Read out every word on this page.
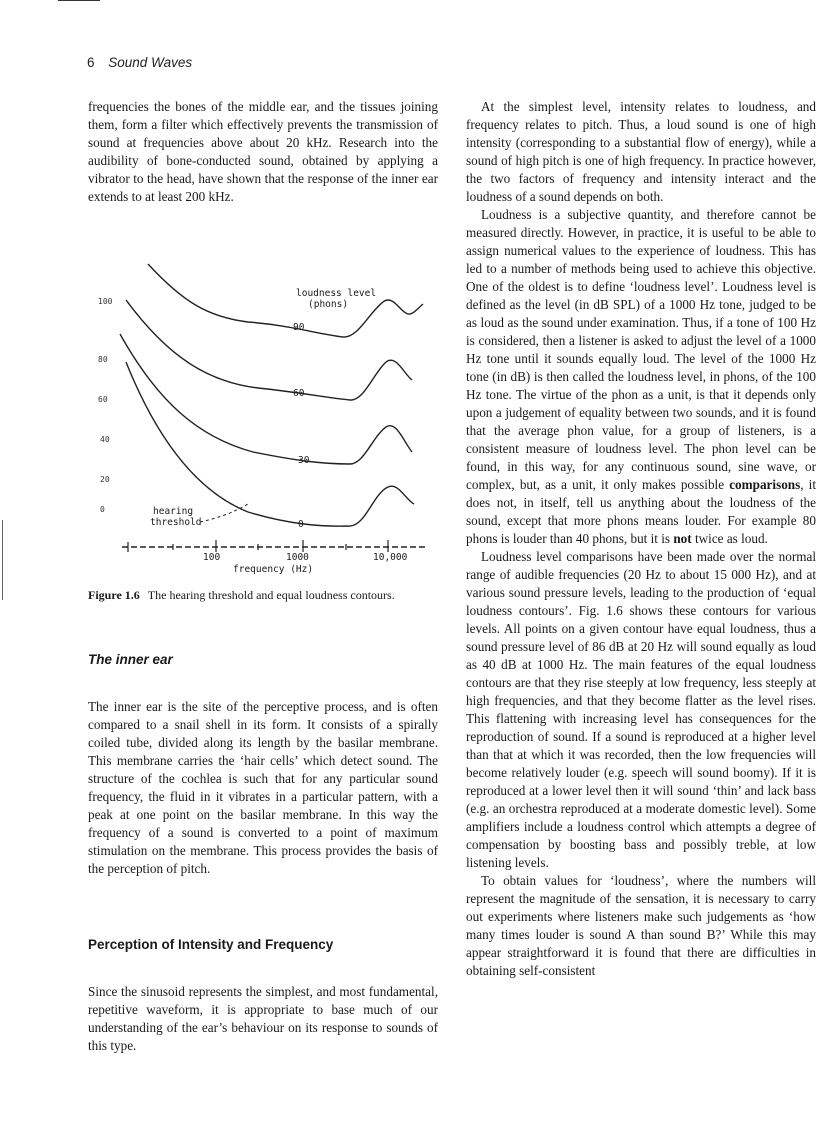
6 Sound Waves

frequencies the bones of the middle ear, and the tissues joining them, form a filter which effectively prevents the transmission of sound at frequencies above about 20 kHz. Research into the audibility of bone-conducted sound, obtained by applying a vibrator to the head, have shown that the response of the inner ear extends to at least 200 kHz.

100
80
60
40
20
0
loudness level
(phons)
90
60
30
0
hearing
threshold
100	1000	10,000
frequency (Hz)
Figure 1.6 The hearing threshold and equal loudness contours.
The inner ear

The inner ear is the site of the perceptive process, and is often compared to a snail shell in its form. It consists of a spirally coiled tube, divided along its length by the basilar membrane. This membrane carries the ‘hair cells’ which detect sound. The structure of the cochlea is such that for any particular sound frequency, the fluid in it vibrates in a particular pattern, with a peak at one point on the basilar membrane. In this way the frequency of a sound is converted to a point of maximum stimulation on the membrane. This process provides the basis of the perception of pitch.

Perception of Intensity and Frequency

Since the sinusoid represents the simplest, and most fundamental, repetitive waveform, it is appropriate to base much of our understanding of the ear’s behaviour on its response to sounds of this type.

At the simplest level, intensity relates to loudness, and frequency relates to pitch. Thus, a loud sound is one of high intensity (corresponding to a substantial flow of energy), while a sound of high pitch is one of high frequency. In practice however, the two factors of frequency and intensity interact and the loudness of a sound depends on both.

Loudness is a subjective quantity, and therefore cannot be measured directly. However, in practice, it is useful to be able to assign numerical values to the experience of loudness. This has led to a number of methods being used to achieve this objective. One of the oldest is to define ‘loudness level’. Loudness level is defined as the level (in dB SPL) of a 1000 Hz tone, judged to be as loud as the sound under examination. Thus, if a tone of 100 Hz is considered, then a listener is asked to adjust the level of a 1000 Hz tone until it sounds equally loud. The level of the 1000 Hz tone (in dB) is then called the loudness level, in phons, of the 100 Hz tone. The virtue of the phon as a unit, is that it depends only upon a judgement of equality between two sounds, and it is found that the average phon value, for a group of listeners, is a consistent measure of loudness level. The phon level can be found, in this way, for any continuous sound, sine wave, or complex, but, as a unit, it only makes possible comparisons, it does not, in itself, tell us anything about the loudness of the sound, except that more phons means louder. For example 80 phons is louder than 40 phons, but it is not twice as loud.

Loudness level comparisons have been made over the normal range of audible frequencies (20 Hz to about 15 000 Hz), and at various sound pressure levels, leading to the production of ‘equal loudness contours’. Fig. 1.6 shows these contours for various levels. All points on a given contour have equal loudness, thus a sound pressure level of 86 dB at 20 Hz will sound equally as loud as 40 dB at 1000 Hz. The main features of the equal loudness contours are that they rise steeply at low frequency, less steeply at high frequencies, and that they become flatter as the level rises. This flattening with increasing level has consequences for the reproduction of sound. If a sound is reproduced at a higher level than that at which it was recorded, then the low frequencies will become relatively louder (e.g. speech will sound boomy). If it is reproduced at a lower level then it will sound ‘thin’ and lack bass (e.g. an orchestra reproduced at a moderate domestic level). Some amplifiers include a loudness control which attempts a degree of compensation by boosting bass and possibly treble, at low listening levels.

To obtain values for ‘loudness’, where the numbers will represent the magnitude of the sensation, it is necessary to carry out experiments where listeners make such judgements as ‘how many times louder is sound A than sound B?’ While this may appear straightforward it is found that there are difficulties in obtaining self-consistent
